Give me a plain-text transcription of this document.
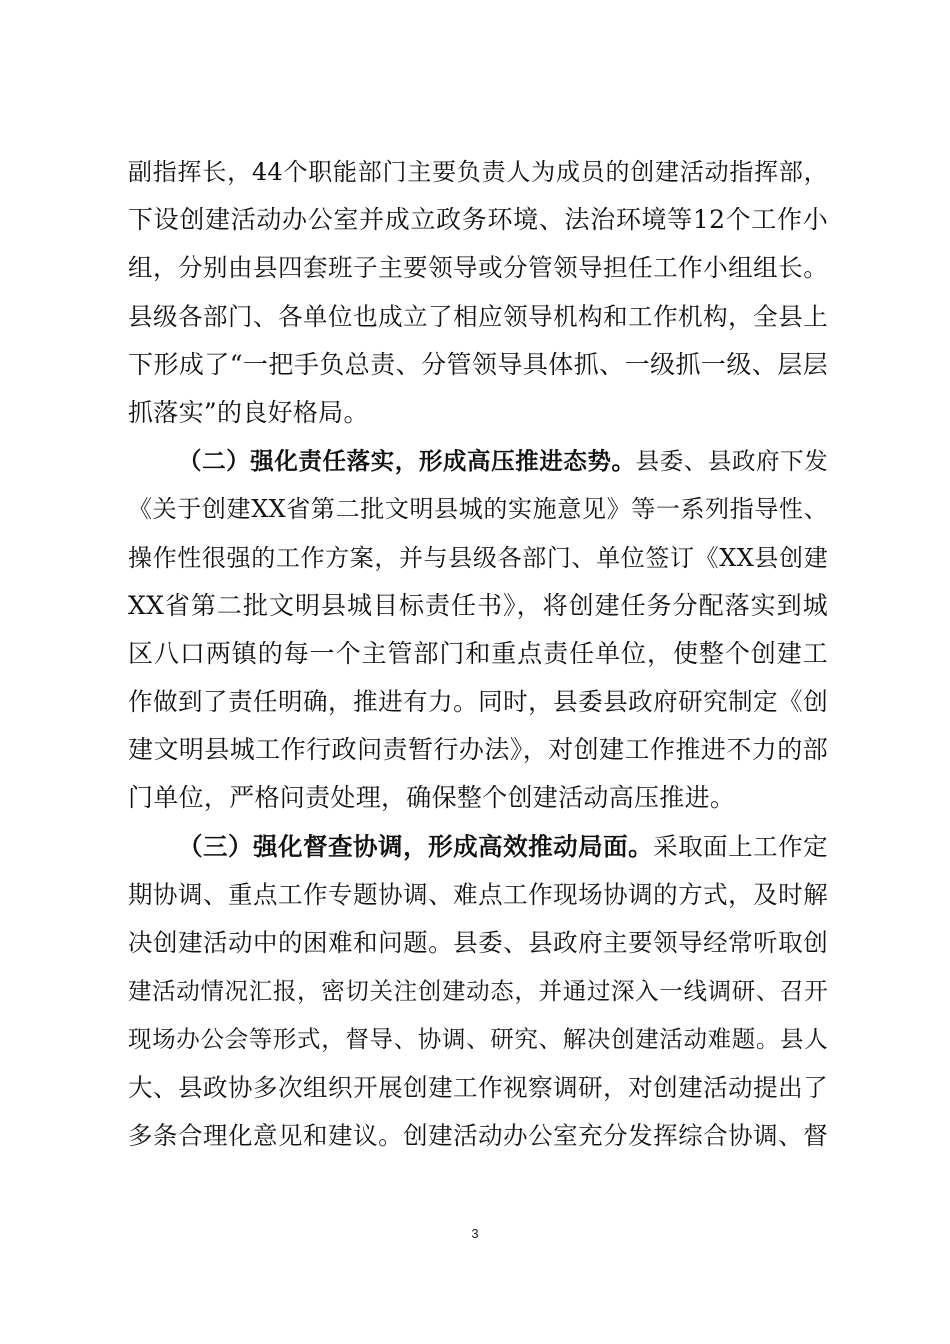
副指挥长，44个职能部门主要负责人为成员的创建活动指挥部，
下设创建活动办公室并成立政务环境、法治环境等12个工作小
组，分别由县四套班子主要领导或分管领导担任工作小组组长。
县级各部门、各单位也成立了相应领导机构和工作机构，全县上
下形成了“一把手负总责、分管领导具体抓、一级抓一级、层层
抓落实”的良好格局。
（二）强化责任落实，形成高压推进态势。县委、县政府下发
《关于创建XX省第二批文明县城的实施意见》等一系列指导性、
操作性很强的工作方案，并与县级各部门、单位签订《XX县创建
XX省第二批文明县城目标责任书》，将创建任务分配落实到城
区八口两镇的每一个主管部门和重点责任单位，使整个创建工
作做到了责任明确，推进有力。同时，县委县政府研究制定《创
建文明县城工作行政问责暂行办法》，对创建工作推进不力的部
门单位，严格问责处理，确保整个创建活动高压推进。
（三）强化督查协调，形成高效推动局面。采取面上工作定
期协调、重点工作专题协调、难点工作现场协调的方式，及时解
决创建活动中的困难和问题。县委、县政府主要领导经常听取创
建活动情况汇报，密切关注创建动态，并通过深入一线调研、召开
现场办公会等形式，督导、协调、研究、解决创建活动难题。县人
大、县政协多次组织开展创建工作视察调研，对创建活动提出了
多条合理化意见和建议。创建活动办公室充分发挥综合协调、督
3
